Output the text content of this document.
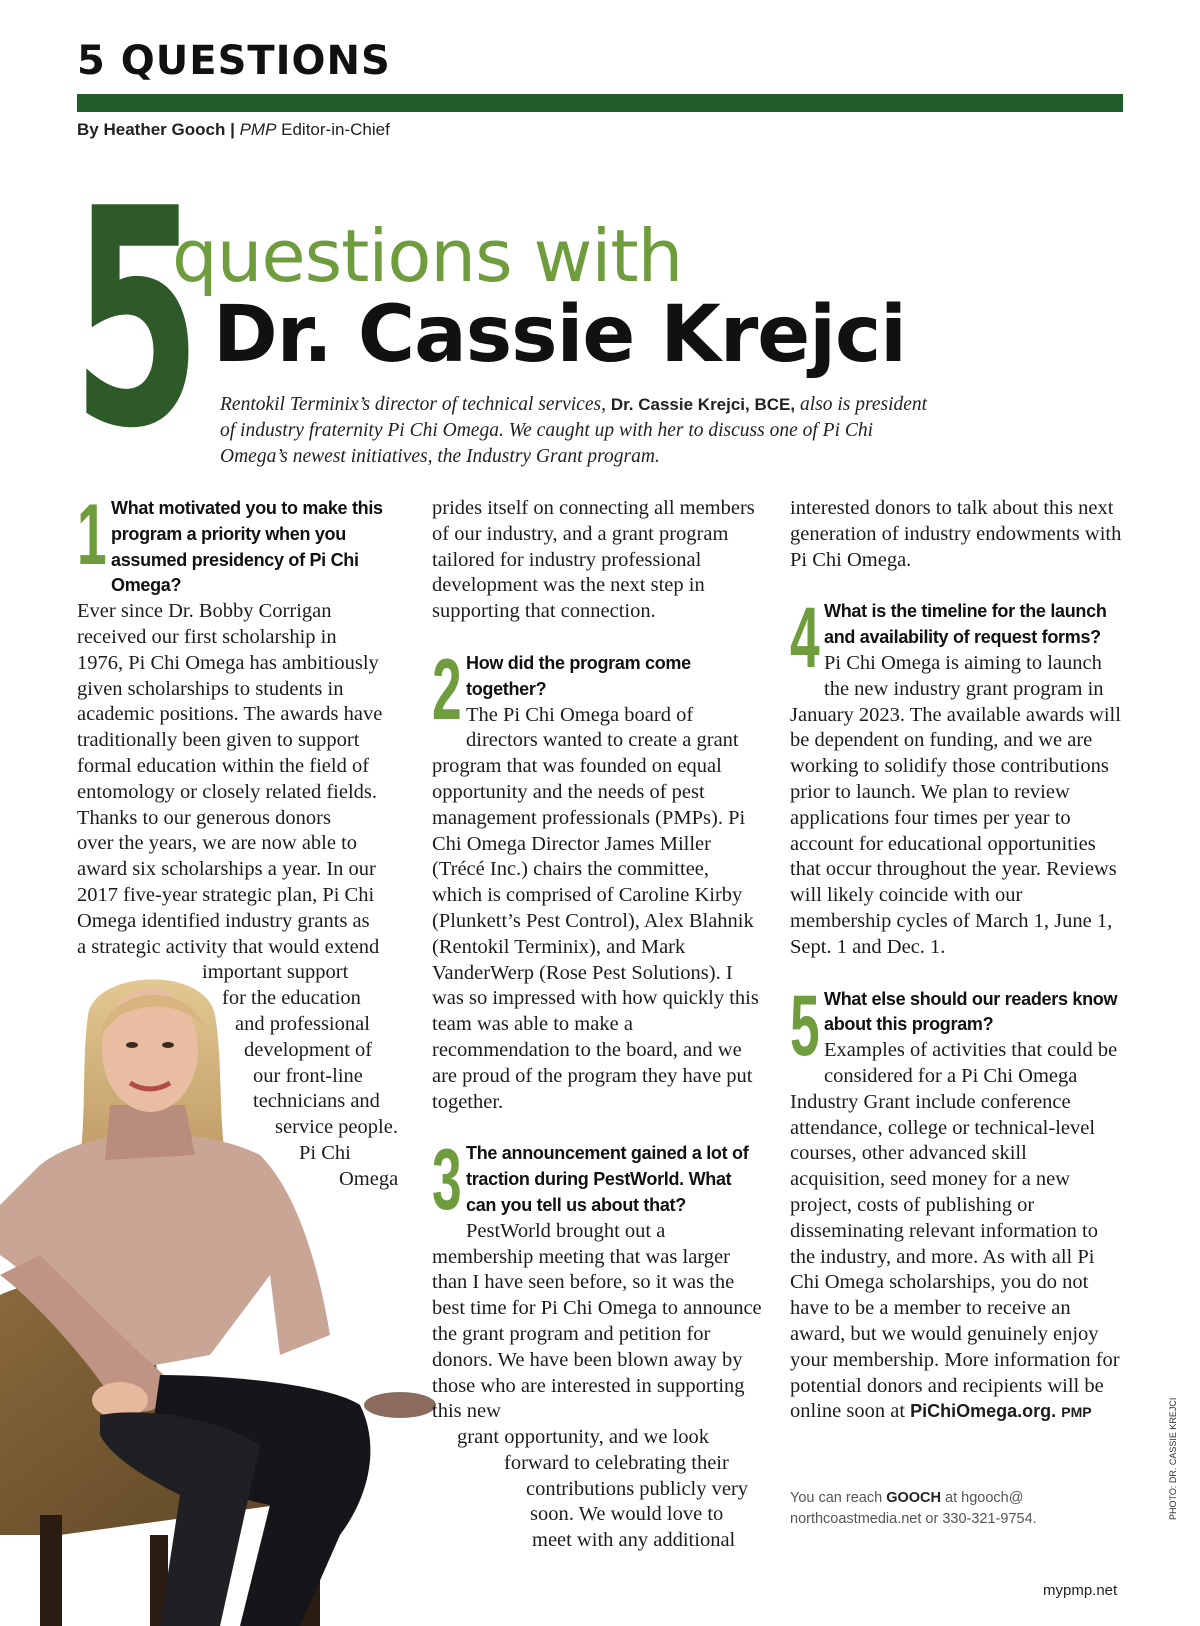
5 QUESTIONS
By Heather Gooch | PMP Editor-in-Chief
5
questions with
Dr. Cassie Krejci

Rentokil Terminix’s director of technical services, Dr. Cassie Krejci, BCE, also is president of industry fraternity Pi Chi Omega. We caught up with her to discuss one of Pi Chi Omega’s newest initiatives, the Industry Grant program.

1 What motivated you to make this program a priority when you assumed presidency of Pi Chi Omega?
Ever since Dr. Bobby Corrigan
received our first scholarship in
1976, Pi Chi Omega has ambitiously
given scholarships to students in
academic positions. The awards have
traditionally been given to support
formal education within the field of
entomology or closely related fields.
Thanks to our generous donors
over the years, we are now able to
award six scholarships a year. In our
2017 five-year strategic plan, Pi Chi
Omega identified industry grants as
a strategic activity that would extend
important support
for the education
and professional
development of
our front-line
technicians and
service people.
Pi Chi
Omega

prides itself on connecting all members of our industry, and a grant program tailored for industry professional development was the next step in supporting that connection.

2 How did the program come together?

The Pi Chi Omega board of directors wanted to create a grant program that was founded on equal opportunity and the needs of pest management professionals (PMPs). Pi Chi Omega Director James Miller (Trécé Inc.) chairs the committee, which is comprised of Caroline Kirby (Plunkett’s Pest Control), Alex Blahnik (Rentokil Terminix), and Mark VanderWerp (Rose Pest Solutions). I was so impressed with how quickly this team was able to make a recommendation to the board, and we are proud of the program they have put together.

3 The announcement gained a lot of traction during PestWorld. What can you tell us about that?

PestWorld brought out a membership meeting that was larger than I have seen before, so it was the best time for Pi Chi Omega to announce the grant program and petition for donors. We have been blown away by those who are interested in supporting this new

grant opportunity, and we look
forward to celebrating their
contributions publicly very
soon. We would love to
meet with any additional

interested donors to talk about this next generation of industry endowments with Pi Chi Omega.

4 What is the timeline for the launch and availability of request forms?

Pi Chi Omega is aiming to launch the new industry grant program in January 2023. The available awards will be dependent on funding, and we are working to solidify those contributions prior to launch. We plan to review applications four times per year to account for educational opportunities that occur throughout the year. Reviews will likely coincide with our membership cycles of March 1, June 1, Sept. 1 and Dec. 1.

5 What else should our readers know about this program?

Examples of activities that could be considered for a Pi Chi Omega Industry Grant include conference attendance, college or technical-level courses, other advanced skill acquisition, seed money for a new project, costs of publishing or disseminating relevant information to the industry, and more. As with all Pi Chi Omega scholarships, you do not have to be a member to receive an award, but we would genuinely enjoy your membership. More information for potential donors and recipients will be online soon at PiChiOmega.org. PMP

You can reach GOOCH at hgooch@ northcoastmedia.net or 330-321-9754.	PHOTO: DR. CASSIE KREJCI
mypmp.net
